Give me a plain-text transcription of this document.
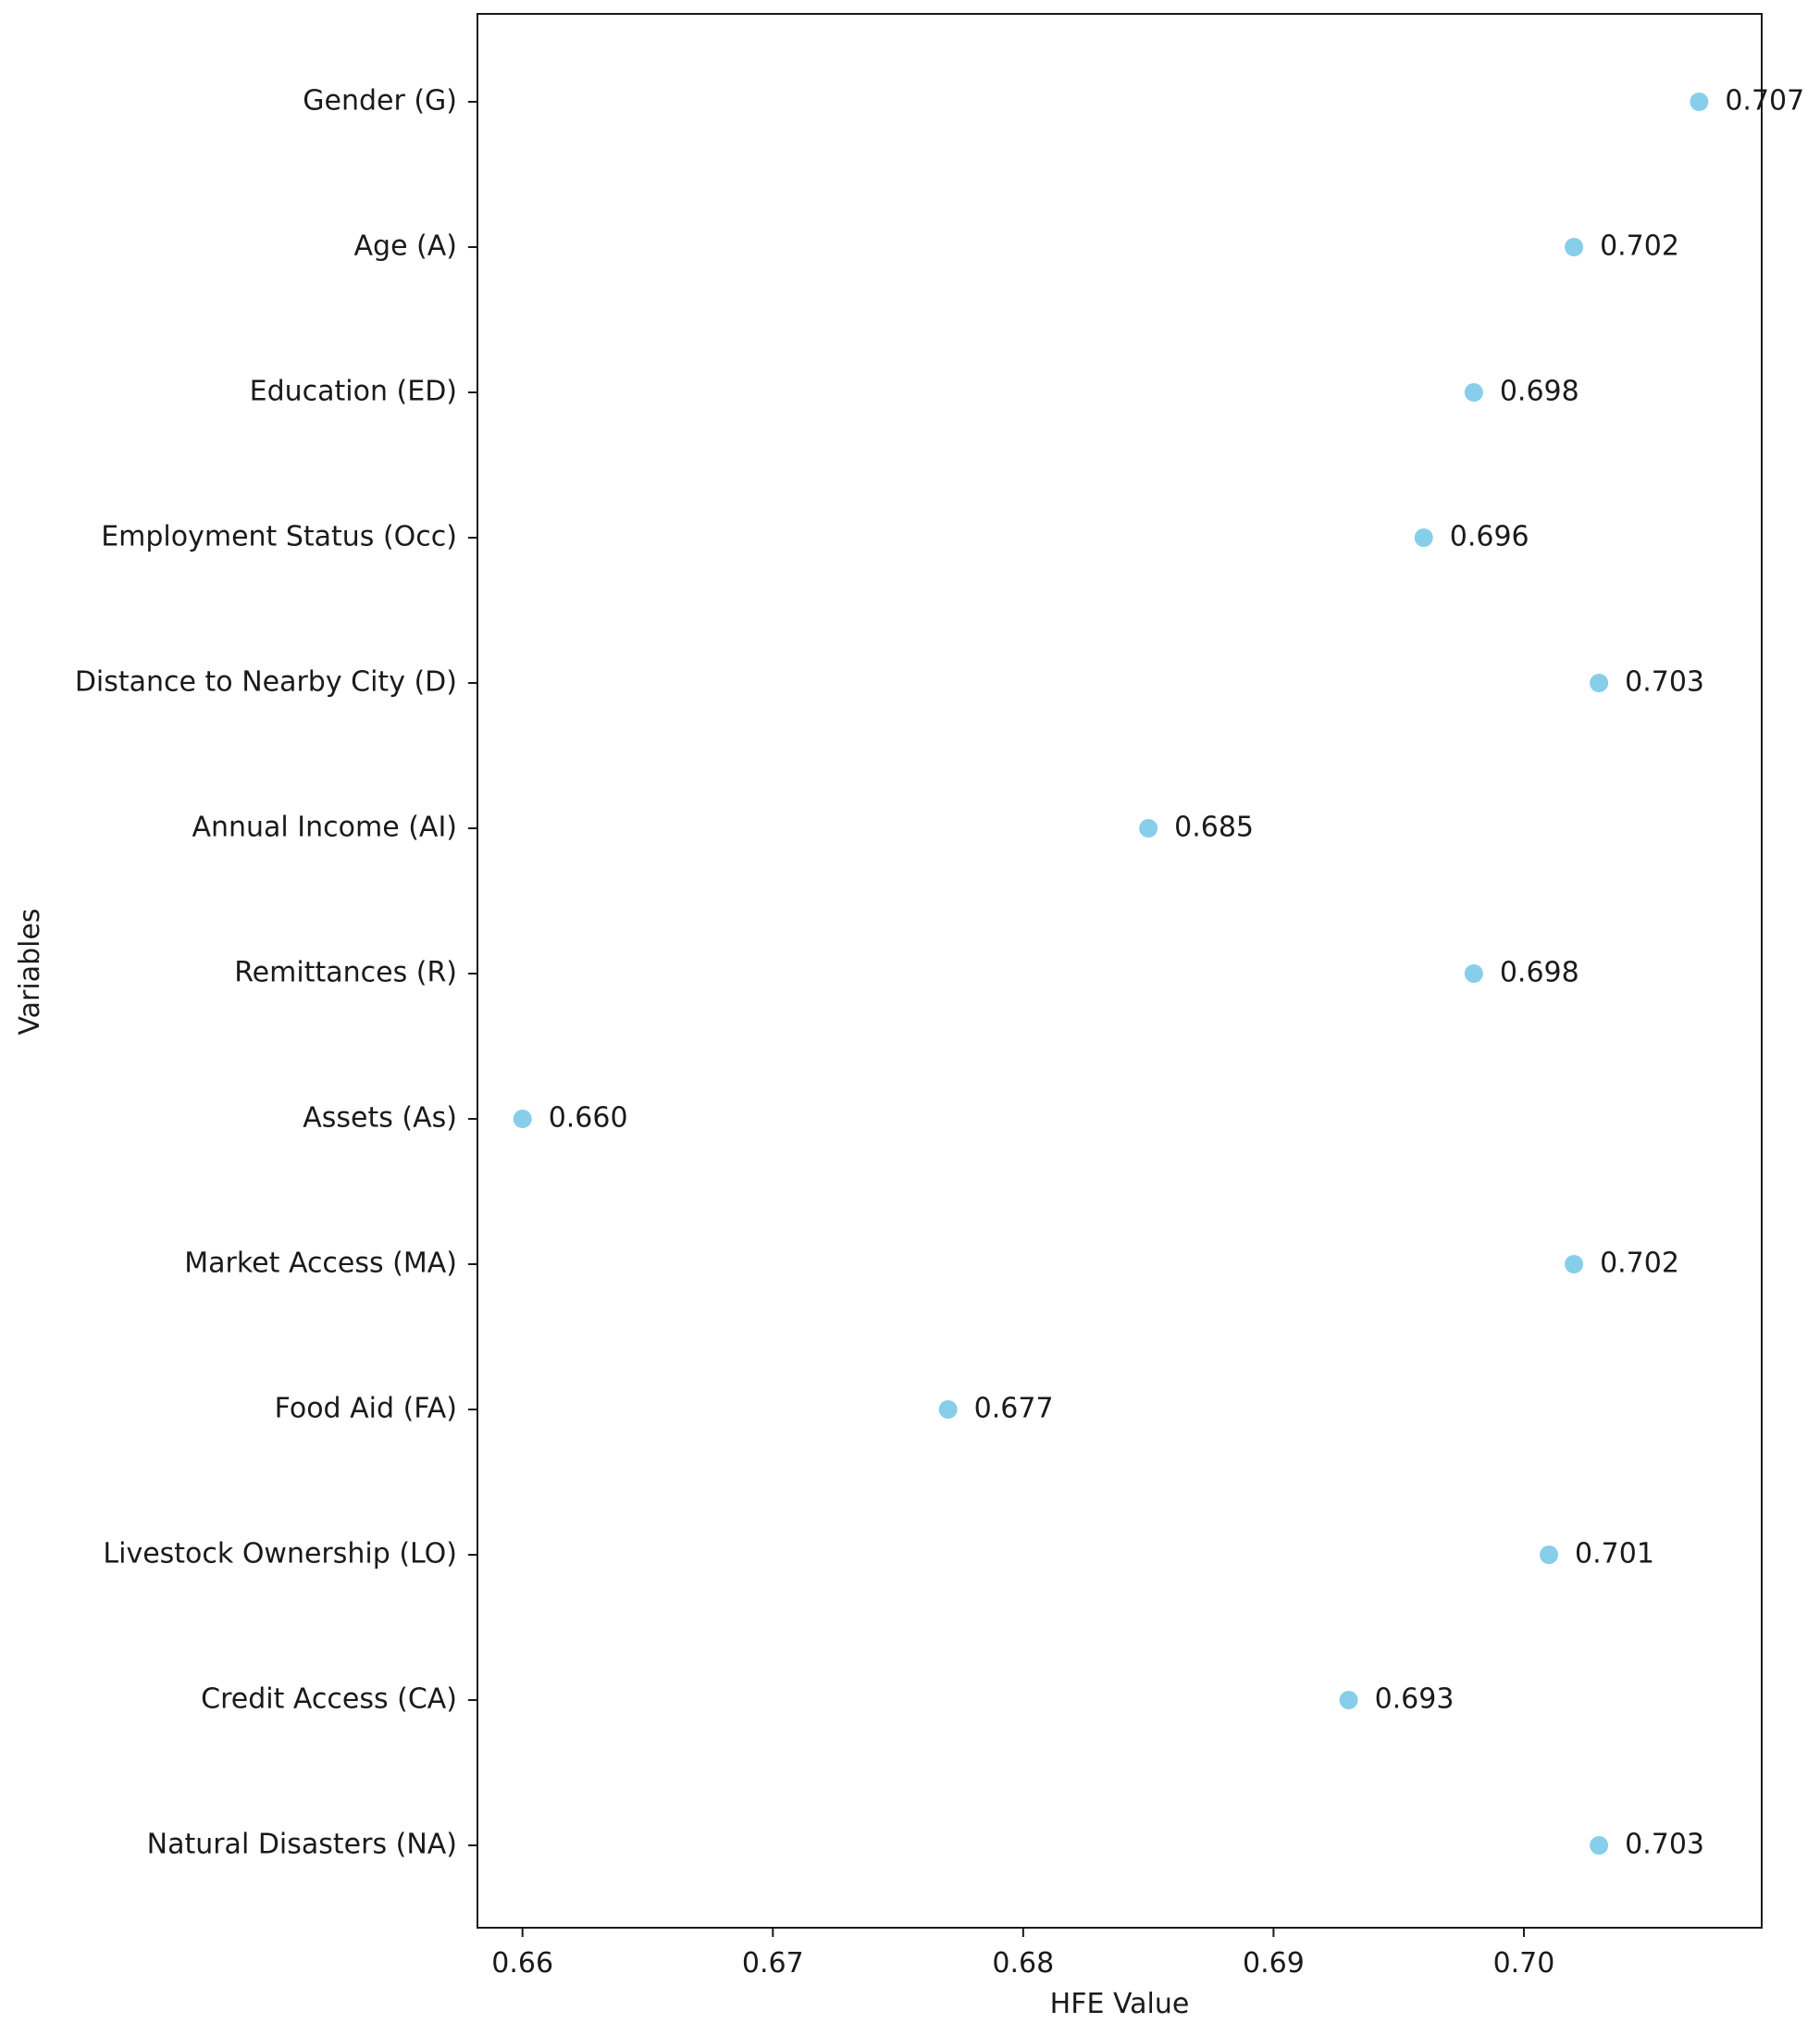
Gender (G)
Age (A)
Education (ED)
Employment Status (Occ)
Distance to Nearby City (D)
Annual Income (AI)
Remittances (R)
Assets (As)
Market Access (MA)
Food Aid (FA)
Livestock Ownership (LO)
Credit Access (CA)
Natural Disasters (NA)
0.66	0.67	0.68	0.69	0.70
0.707
0.702
0.698
0.696
0.703
0.685
0.698
0.660
0.702
0.677
0.701
0.693
0.703
HFE Value
Variables
